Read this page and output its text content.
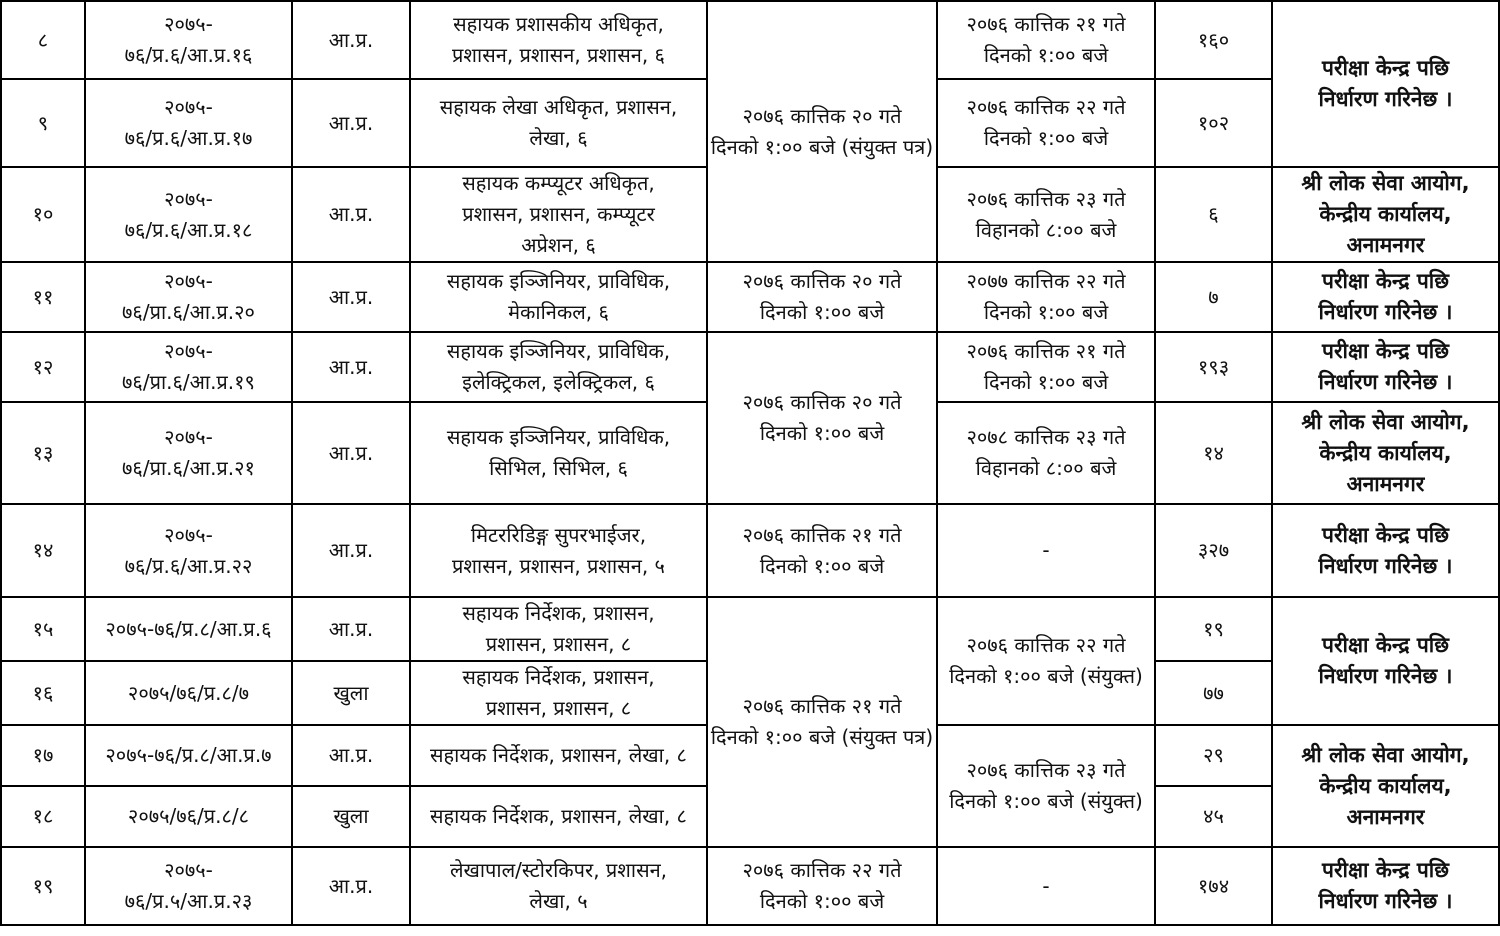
८	२०७५-
७६/प्र.६/आ.प्र.१६	आ.प्र.	सहायक प्रशासकीय अधिकृत,
प्रशासन, प्रशासन, प्रशासन, ६	२०७६ कात्तिक २० गते
दिनको १:०० बजे (संयुक्त पत्र)	२०७६ कात्तिक २१ गते
दिनको १:०० बजे	१६०	परीक्षा केन्द्र पछि
निर्धारण गरिनेछ ।

९	२०७५-
७६/प्र.६/आ.प्र.१७	आ.प्र.	सहायक लेखा अधिकृत, प्रशासन,
लेखा, ६		२०७६ कात्तिक २२ गते
दिनको १:०० बजे	१०२	
१०	२०७५-
७६/प्र.६/आ.प्र.१८	आ.प्र.	सहायक कम्प्यूटर अधिकृत,
प्रशासन, प्रशासन, कम्प्यूटर
अप्रेशन, ६		२०७६ कात्तिक २३ गते
विहानको ८:०० बजे	६	श्री लोक सेवा आयोग,
केन्द्रीय कार्यालय,
अनामनगर

११	२०७५-
७६/प्रा.६/आ.प्र.२०	आ.प्र.	सहायक इञ्जिनियर, प्राविधिक,
मेकानिकल, ६	२०७६ कात्तिक २० गते
दिनको १:०० बजे	२०७७ कात्तिक २२ गते
दिनको १:०० बजे	७	परीक्षा केन्द्र पछि
निर्धारण गरिनेछ ।

१२	२०७५-
७६/प्रा.६/आ.प्र.१९	आ.प्र.	सहायक इञ्जिनियर, प्राविधिक,
इलेक्ट्रिकल, इलेक्ट्रिकल, ६	२०७६ कात्तिक २० गते
दिनको १:०० बजे	२०७६ कात्तिक २१ गते
दिनको १:०० बजे	१९३	परीक्षा केन्द्र पछि
निर्धारण गरिनेछ ।

१३	२०७५-
७६/प्रा.६/आ.प्र.२१	आ.प्र.	सहायक इञ्जिनियर, प्राविधिक,
सिभिल, सिभिल, ६		२०७८ कात्तिक २३ गते
विहानको ८:०० बजे	१४	श्री लोक सेवा आयोग,
केन्द्रीय कार्यालय,
अनामनगर

१४	२०७५-
७६/प्र.६/आ.प्र.२२	आ.प्र.	मिटररिडिङ्ग सुपरभाईजर,
प्रशासन, प्रशासन, प्रशासन, ५	२०७६ कात्तिक २१ गते
दिनको १:०० बजे	-	३२७	परीक्षा केन्द्र पछि
निर्धारण गरिनेछ ।

१५	२०७५-७६/प्र.८/आ.प्र.६	आ.प्र.	सहायक निर्देशक, प्रशासन,
प्रशासन, प्रशासन, ८	२०७६ कात्तिक २१ गते
दिनको १:०० बजे (संयुक्त पत्र)	२०७६ कात्तिक २२ गते
दिनको १:०० बजे (संयुक्त)	१९	परीक्षा केन्द्र पछि
निर्धारण गरिनेछ ।

१६	२०७५/७६/प्र.८/७	खुला	सहायक निर्देशक, प्रशासन,
प्रशासन, प्रशासन, ८			७७	
१७	२०७५-७६/प्र.८/आ.प्र.७	आ.प्र.	सहायक निर्देशक, प्रशासन, लेखा, ८		२०७६ कात्तिक २३ गते
दिनको १:०० बजे (संयुक्त)	२९	श्री लोक सेवा आयोग,
केन्द्रीय कार्यालय,
अनामनगर

१८	२०७५/७६/प्र.८/८	खुला	सहायक निर्देशक, प्रशासन, लेखा, ८			४५	
१९	२०७५-
७६/प्र.५/आ.प्र.२३	आ.प्र.	लेखापाल/स्टोरकिपर, प्रशासन,
लेखा, ५	२०७६ कात्तिक २२ गते
दिनको १:०० बजे	-	१७४	परीक्षा केन्द्र पछि
निर्धारण गरिनेछ ।
